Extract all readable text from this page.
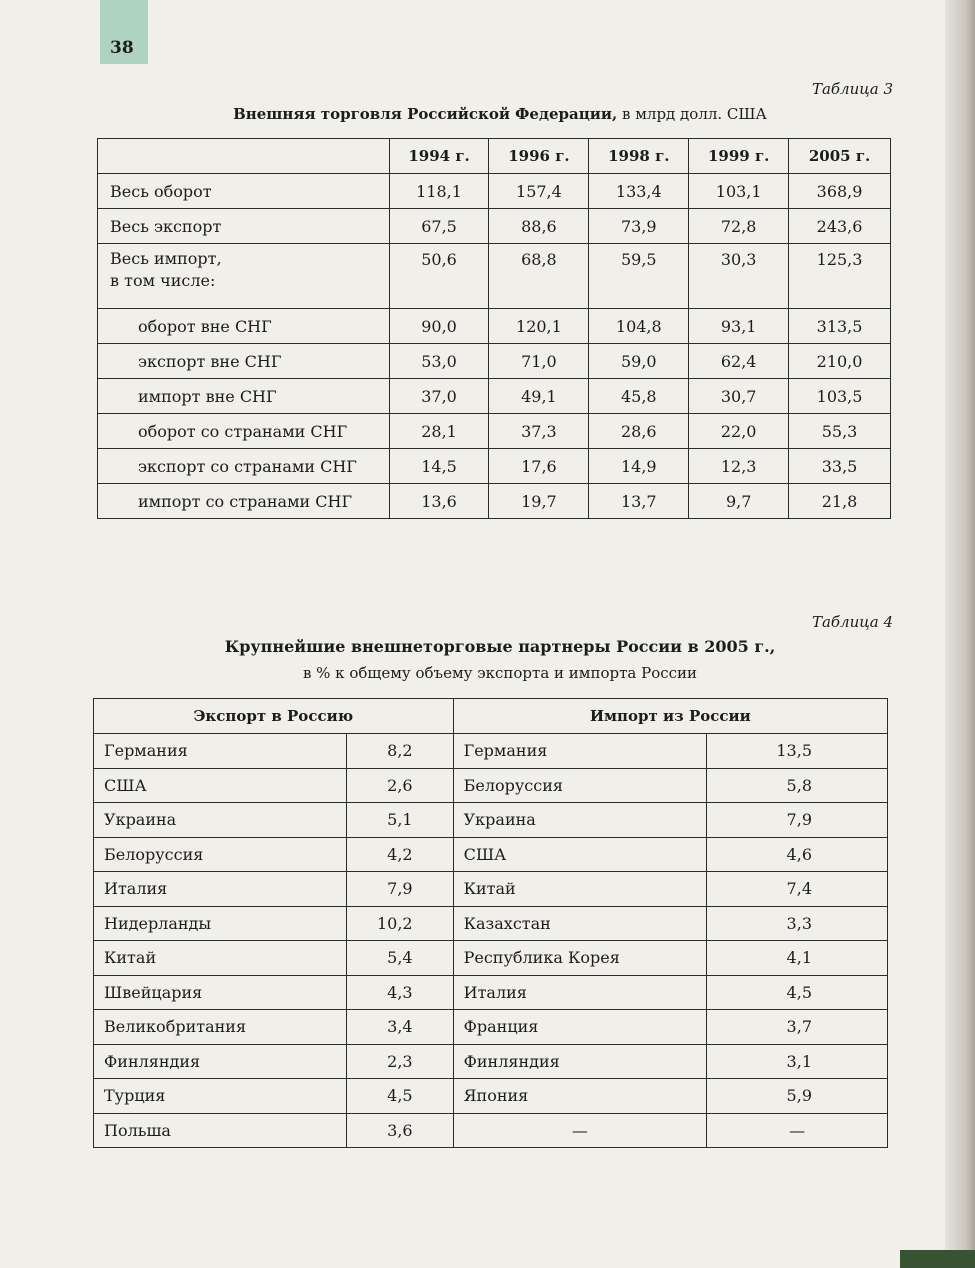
38
Таблица 3
Внешняя торговля Российской Федерации, в млрд долл. США
	1994 г.	1996 г.	1998 г.	1999 г.	2005 г.
Весь оборот	118,1	157,4	133,4	103,1	368,9
Весь экспорт	67,5	88,6	73,9	72,8	243,6
Весь импорт,
в том числе:	50,6	68,8	59,5	30,3	125,3
оборот вне СНГ	90,0	120,1	104,8	93,1	313,5
экспорт вне СНГ	53,0	71,0	59,0	62,4	210,0
импорт вне СНГ	37,0	49,1	45,8	30,7	103,5
оборот со странами СНГ	28,1	37,3	28,6	22,0	55,3
экспорт со странами СНГ	14,5	17,6	14,9	12,3	33,5
импорт со странами СНГ	13,6	19,7	13,7	9,7	21,8
Таблица 4
Крупнейшие внешнеторговые партнеры России в 2005 г.,
в % к общему объему экспорта и импорта России
Экспорт в Россию		Импорт из России	
Германия	8,2	Германия	13,5
США	2,6	Белоруссия	5,8
Украина	5,1	Украина	7,9
Белоруссия	4,2	США	4,6
Италия	7,9	Китай	7,4
Нидерланды	10,2	Казахстан	3,3
Китай	5,4	Республика Корея	4,1
Швейцария	4,3	Италия	4,5
Великобритания	3,4	Франция	3,7
Финляндия	2,3	Финляндия	3,1
Турция	4,5	Япония	5,9
Польша	3,6	—	—
